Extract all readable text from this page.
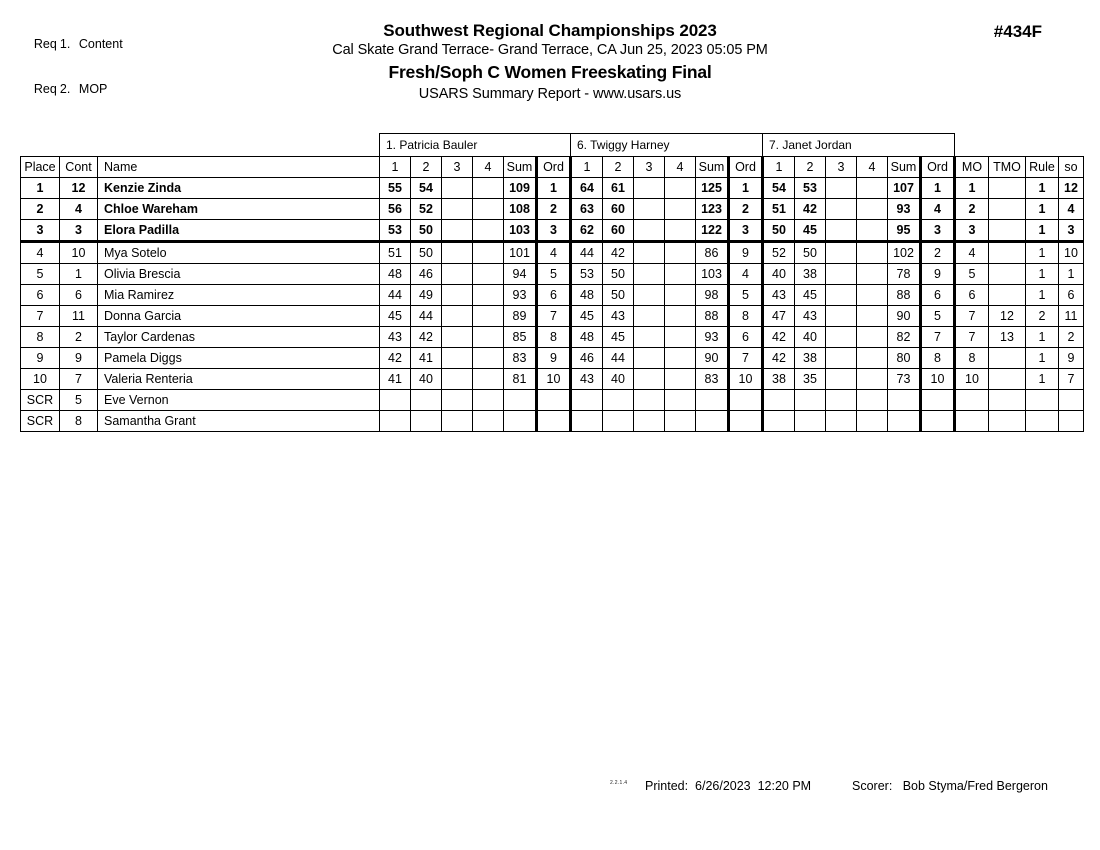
Req 1. Content

Req 2. MOP

Southwest Regional Championships 2023
Cal Skate Grand Terrace- Grand Terrace, CA Jun 25, 2023 05:05 PM
Fresh/Soph C Women Freeskating Final
USARS Summary Report - www.usars.us
#434F
			1. Patricia Bauler						6. Twiggy Harney						7. Janet Jordan									
Place	Cont	Name	1	2	3	4	Sum	Ord	1	2	3	4	Sum	Ord	1	2	3	4	Sum	Ord	MO	TMO	Rule	so
1	12	Kenzie Zinda	55	54			109	1	64	61			125	1	54	53			107	1	1		1	12
2	4	Chloe Wareham	56	52			108	2	63	60			123	2	51	42			93	4	2		1	4
3	3	Elora Padilla	53	50			103	3	62	60			122	3	50	45			95	3	3		1	3
4	10	Mya Sotelo	51	50			101	4	44	42			86	9	52	50			102	2	4		1	10
5	1	Olivia Brescia	48	46			94	5	53	50			103	4	40	38			78	9	5		1	1
6	6	Mia Ramirez	44	49			93	6	48	50			98	5	43	45			88	6	6		1	6
7	11	Donna Garcia	45	44			89	7	45	43			88	8	47	43			90	5	7	12	2	11
8	2	Taylor Cardenas	43	42			85	8	48	45			93	6	42	40			82	7	7	13	1	2
9	9	Pamela Diggs	42	41			83	9	46	44			90	7	42	38			80	8	8		1	9
10	7	Valeria Renteria	41	40			81	10	43	40			83	10	38	35			73	10	10		1	7
SCR	5	Eve Vernon																						
SCR	8	Samantha Grant																						
2.2.1.4 Printed:  6/26/2023  12:20 PM	Scorer:   Bob Styma/Fred Bergeron
